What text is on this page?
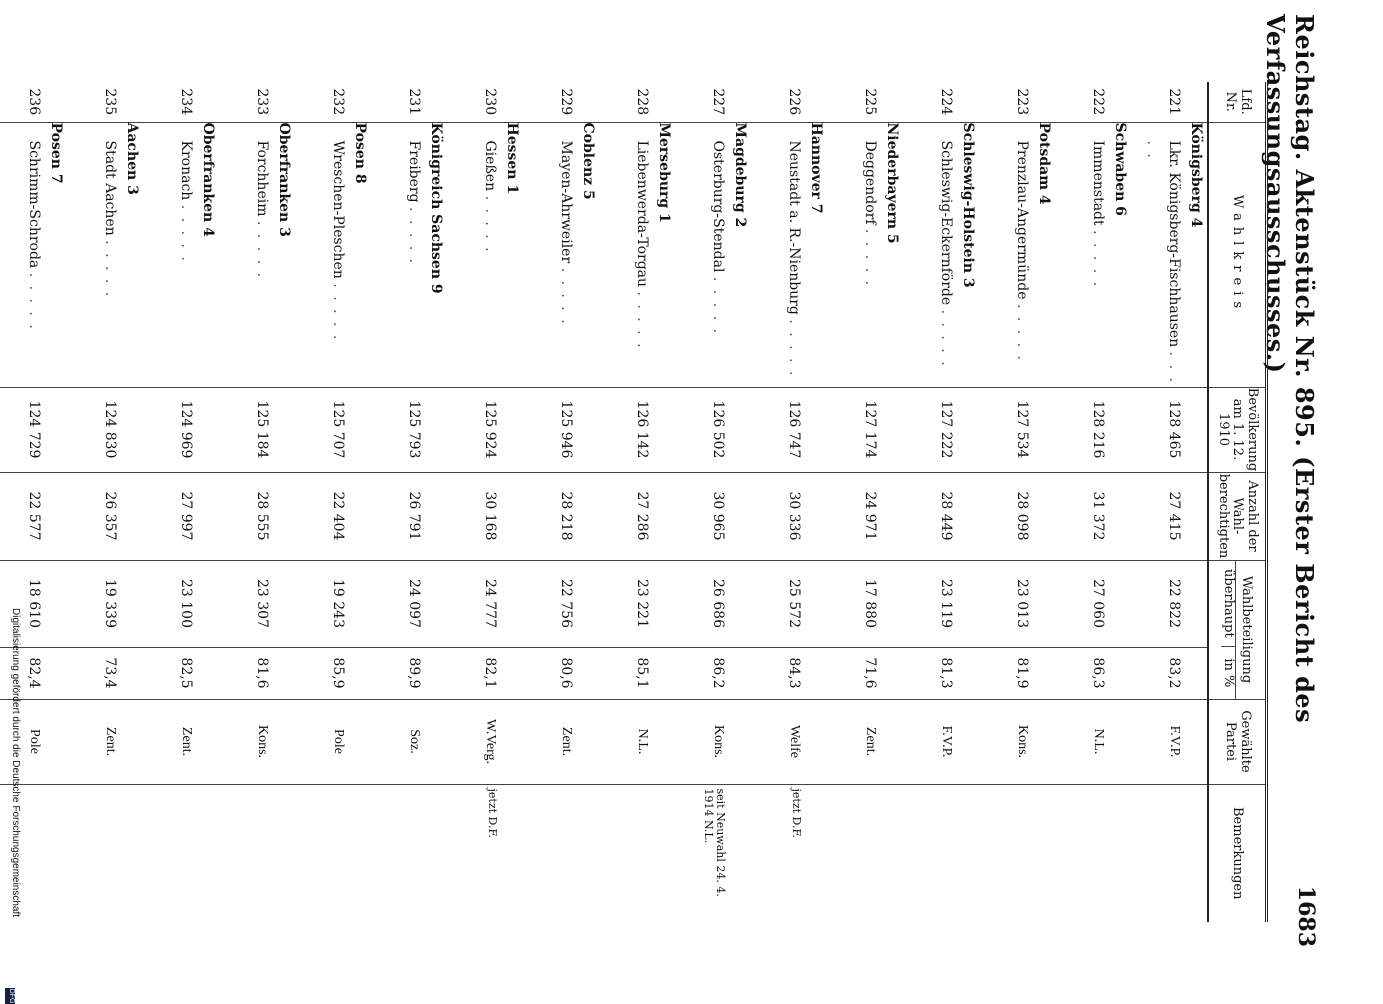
Reichstag. Aktenstück Nr. 895. (Erster Bericht des Verfassungsausschusses.)
1683
Lfd. Nr.	Wahlkreis	Bevölkerung am 1. 12. 1910	Anzahl der Wahl-berechtigten	Wahlbeteiligung
überhaupt
in %		Gewählte Partei	Bemerkungen
221	Königsberg 4
Lkr. Königsberg-Fischhausen . . . . .	128 465	27 415	22 822	83,2	F.V.P.	
222	Schwaben 6
Immenstadt . . . . .	128 216	31 372	27 060	86,3	N.L.	
223	Potsdam 4
Prenzlau-Angermünde . . . . .	127 534	28 098	23 013	81,9	Kons.	
224	Schleswig-Holstein 3
Schleswig-Eckernförde . . . . .	127 222	28 449	23 119	81,3	F.V.P.	
225	Niederbayern 5
Deggendorf . . . . .	127 174	24 971	17 880	71,6	Zent.	
226	Hannover 7
Neustadt a. R.-Nienburg . . . . .	126 747	30 336	25 572	84,3	Welfe	jetzt D.F.
227	Magdeburg 2
Osterburg-Stendal . . . . .	126 502	30 965	26 686	86,2	Kons.	seit Neuwahl 24. 4. 1914 N.L.
228	Merseburg 1
Liebenwerda-Torgau . . . . .	126 142	27 286	23 221	85,1	N.L.	
229	Coblenz 5
Mayen-Ahrweiler . . . . .	125 946	28 218	22 756	80,6	Zent.	
230	Hessen 1
Gießen . . . . .	125 924	30 168	24 777	82,1	W.Verg.	jetzt D.F.
231	Königreich Sachsen 9
Freiberg . . . . .	125 793	26 791	24 097	89,9	Soz.	
232	Posen 8
Wreschen-Pleschen . . . . .	125 707	22 404	19 243	85,9	Pole	
233	Oberfranken 3
Forchheim . . . . .	125 184	28 555	23 307	81,6	Kons.	
234	Oberfranken 4
Kronach . . . . .	124 969	27 997	23 100	82,5	Zent.	
235	Aachen 3
Stadt Aachen . . . . .	124 830	26 357	19 339	73,4	Zent.	
236	Posen 7
Schrimm-Schroda . . . . .	124 729	22 577	18 610	82,4	Pole	

Digitalisierung gefördert durch die Deutsche Forschungsgemeinschaft
DFG
